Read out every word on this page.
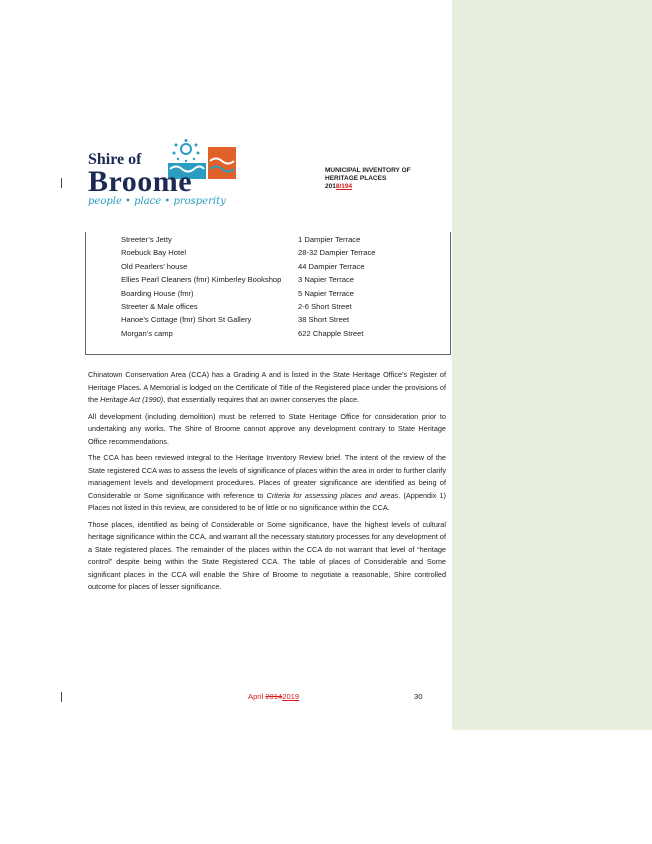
Shire of
Broome
people • place • prosperity
MUNICIPAL INVENTORY OF
HERITAGE PLACES
2018/194
Streeter’s Jetty	1 Dampier Terrace
Roebuck Bay Hotel	28-32 Dampier Terrace
Old Pearlers’ house	44 Dampier Terrace
Ellies Pearl Cleaners (fmr) Kimberley Bookshop 3 Napier Terrace
Boarding House (fmr)	5 Napier Terrace
Streeter & Male offices	2-6 Short Street
Hanoe’s Cottage (fmr) Short St Gallery	38 Short Street
Morgan’s camp	622 Chapple Street

Chinatown Conservation Area (CCA) has a Grading A and is listed in the State Heritage Office’s Register of Heritage Places. A Memorial is lodged on the Certificate of Title of the Registered place under the provisions of the Heritage Act (1990), that essentially requires that an owner conserves the place.

All development (including demolition) must be referred to State Heritage Office for consideration prior to undertaking any works. The Shire of Broome cannot approve any development contrary to State Heritage Office recommendations.

The CCA has been reviewed integral to the Heritage Inventory Review brief. The intent of the review of the State registered CCA was to assess the levels of significance of places within the area in order to further clarify management levels and development procedures. Places of greater significance are identified as being of Considerable or Some significance with reference to Criteria for assessing places and areas. (Appendix 1) Places not listed in this review, are considered to be of little or no significance within the CCA.

Those places, identified as being of Considerable or Some significance, have the highest levels of cultural heritage significance within the CCA, and warrant all the necessary statutory processes for any development of a State registered places. The remainder of the places within the CCA do not warrant that level of “heritage control” despite being within the State Registered CCA. The table of places of Considerable and Some significant places in the CCA will enable the Shire of Broome to negotiate a reasonable, Shire controlled outcome for places of lesser significance.

April 20142019	30
